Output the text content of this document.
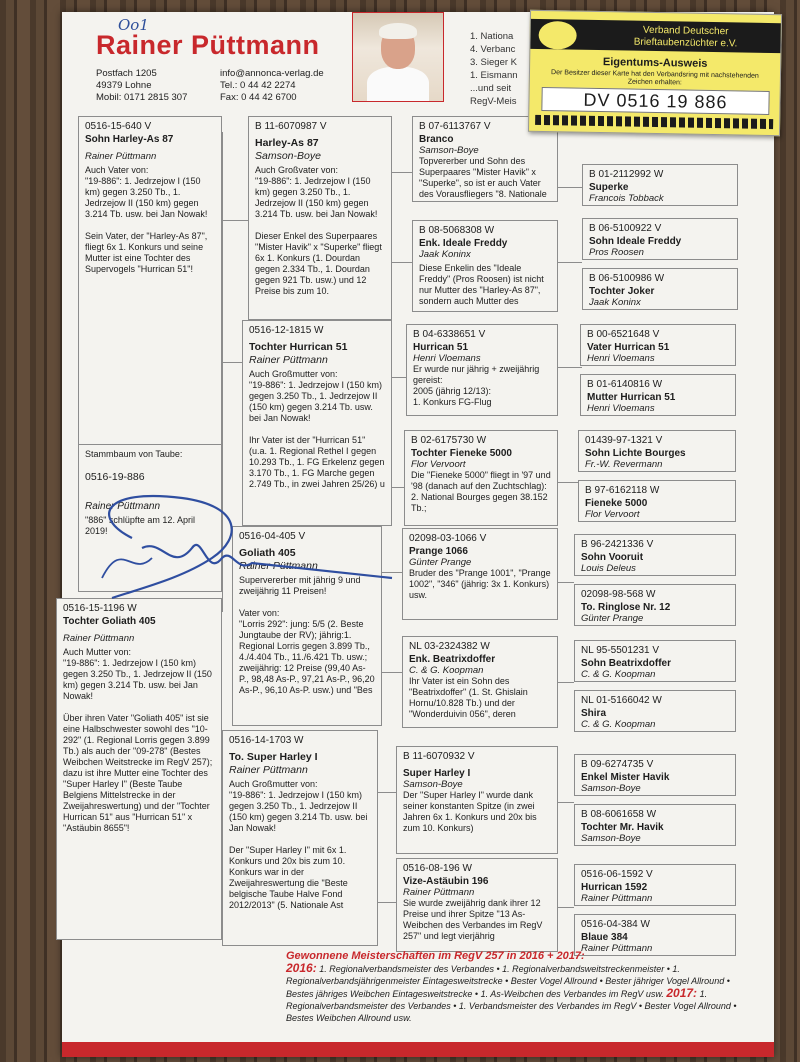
Oo1
Rainer Püttmann
Postfach 1205
49379 Lohne
Mobil: 0171 2815 307
info@annonca-verlag.de
Tel.: 0 44 42 2274
Fax: 0 44 42 6700
1. Nationa
4. Verbanc
3. Sieger K
1. Eismann
...und seit
RegV-Meis
0516-15-640 V
Sohn Harley-As 87
Rainer Püttmann
Auch Vater von:
"19-886": 1. Jedrzejow I (150 km) gegen 3.250 Tb., 1. Jedrzejow II (150 km) gegen 3.214 Tb. usw. bei Jan Nowak!

Sein Vater, der "Harley-As 87", fliegt 6x 1. Konkurs und seine Mutter ist eine Tochter des Supervogels "Hurrican 51"!
Stammbaum von Taube:
0516-19-886
Rainer Püttmann
"886" schlüpfte am 12. April 2019!
0516-15-1196 W
Tochter Goliath 405
Rainer Püttmann
Auch Mutter von:
"19-886": 1. Jedrzejow I (150 km) gegen 3.250 Tb., 1. Jedrzejow II (150 km) gegen 3.214 Tb. usw. bei Jan Nowak!

Über ihren Vater "Goliath 405" ist sie eine Halbschwester sowohl des "10-292" (1. Regional Lorris gegen 3.899 Tb.) als auch der "09-278" (Bestes Weibchen Weitstrecke im RegV 257); dazu ist ihre Mutter eine Tochter des "Super Harley I" (Beste Taube Belgiens Mittelstrecke in der Zweijahreswertung) und der "Tochter Hurrican 51" aus "Hurrican 51" x "Astäubin 8655"!
B 11-6070987 V
Harley-As 87
Samson-Boye
Auch Großvater von:
"19-886": 1. Jedrzejow I (150 km) gegen 3.250 Tb., 1. Jedrzejow II (150 km) gegen 3.214 Tb. usw. bei Jan Nowak!

Dieser Enkel des Superpaares "Mister Havik" x "Superke" fliegt 6x 1. Konkurs (1. Dourdan gegen 2.334 Tb., 1. Dourdan gegen 921 Tb. usw.) und 12 Preise bis zum 10.
0516-12-1815 W
Tochter Hurrican 51
Rainer Püttmann
Auch Großmutter von:
"19-886": 1. Jedrzejow I (150 km) gegen 3.250 Tb., 1. Jedrzejow II (150 km) gegen 3.214 Tb. usw. bei Jan Nowak!

Ihr Vater ist der "Hurrican 51" (u.a. 1. Regional Rethel I gegen 10.293 Tb., 1. FG Erkelenz gegen 3.170 Tb., 1. FG Marche gegen 2.749 Tb., in zwei Jahren 25/26) u
0516-04-405 V
Goliath 405
Rainer Püttmann
Supervererber mit jährig 9 und zweijährig 11 Preisen!

Vater von:
"Lorris 292": jung: 5/5 (2. Beste Jungtaube der RV); jährig:1. Regional Lorris gegen 3.899 Tb., 4./4.404 Tb., 11./6.421 Tb. usw.; zweijährig: 12 Preise (99,40 As-P., 98,48 As-P., 97,21 As-P., 96,20 As-P., 96,10 As-P. usw.) und "Bes
0516-14-1703 W
To. Super Harley I
Rainer Püttmann
Auch Großmutter von:
"19-886": 1. Jedrzejow I (150 km) gegen 3.250 Tb., 1. Jedrzejow II (150 km) gegen 3.214 Tb. usw. bei Jan Nowak!

Der "Super Harley I" mit 6x 1. Konkurs und 20x bis zum 10. Konkurs war in der Zweijahreswertung die "Beste belgische Taube Halve Fond 2012/2013" (5. Nationale Ast
B 07-6113767 V
Branco
Samson-Boye
Topvererber und Sohn des Superpaares "Mister Havik" x "Superke", so ist er auch Vater des Vorausfliegers "8. Nationale
B 08-5068308 W
Enk. Ideale Freddy
Jaak Koninx
Diese Enkelin des "Ideale Freddy" (Pros Roosen) ist nicht nur Mutter des "Harley-As 87", sondern auch Mutter des
B 04-6338651 V
Hurrican 51
Henri Vloemans
Er wurde nur jährig + zweijährig gereist:
2005 (jährig 12/13):
1. Konkurs FG-Flug
B 02-6175730 W
Tochter Fieneke 5000
Flor Vervoort
Die "Fieneke 5000" fliegt in '97 und '98 (danach auf den Zuchtschlag): 2. National Bourges gegen 38.152 Tb.;
02098-03-1066 V
Prange 1066
Günter Prange
Bruder des "Prange 1001", "Prange 1002", "346" (jährig: 3x 1. Konkurs) usw.
NL 03-2324382 W
Enk. Beatrixdoffer
C. & G. Koopman
Ihr Vater ist ein Sohn des "Beatrixdoffer" (1. St. Ghislain Hornu/10.828 Tb.) und der "Wonderduivin 056", deren
B 11-6070932 V
Super Harley I
Samson-Boye
Der "Super Harley I" wurde dank seiner konstanten Spitze (in zwei Jahren 6x 1. Konkurs und 20x bis zum 10. Konkurs)
0516-08-196 W
Vize-Astäubin 196
Rainer Püttmann
Sie wurde zweijährig dank ihrer 12 Preise und ihrer Spitze "13 As-Weibchen des Verbandes im RegV 257" und legt vierjährig
B 01-2112992 W
Superke
Francois Tobback
B 06-5100922 V
Sohn Ideale Freddy
Pros Roosen
B 06-5100986 W
Tochter Joker
Jaak Koninx
B 00-6521648 V
Vater Hurrican 51
Henri Vloemans
B 01-6140816 W
Mutter Hurrican 51
Henri Vloemans
01439-97-1321 V
Sohn Lichte Bourges
Fr.-W. Revermann
B 97-6162118 W
Fieneke 5000
Flor Vervoort
B 96-2421336 V
Sohn Vooruit
Louis Deleus
02098-98-568 W
To. Ringlose Nr. 12
Günter Prange
NL 95-5501231 V
Sohn Beatrixdoffer
C. & G. Koopman
NL 01-5166042 W
Shira
C. & G. Koopman
B 09-6274735 V
Enkel Mister Havik
Samson-Boye
B 08-6061658 W
Tochter Mr. Havik
Samson-Boye
0516-06-1592 V
Hurrican 1592
Rainer Püttmann
0516-04-384 W
Blaue 384
Rainer Püttmann
Gewonnene Meisterschaften im RegV 257 in 2016 + 2017:
2016: 1. Regionalverbandsmeister des Verbandes • 1. Regionalverbandsweitstreckenmeister • 1. Regionalverbandsjährigenmeister Eintagesweitstrecke • Bester Vogel Allround • Bester jähriger Vogel Allround • Bestes jähriges Weibchen Eintagesweitstrecke • 1. As-Weibchen des Verbandes im RegV usw. 2017: 1. Regionalverbandsmeister des Verbandes • 1. Verbandsmeister des Verbandes im RegV • Bester Vogel Allround • Bestes Weibchen Allround usw.
Verband Deutscher Brieftaubenzüchter e.V.
Eigentums-Ausweis
Der Besitzer dieser Karte hat den Verbandsring mit nachstehenden Zeichen erhalten:
DV 0516 19 886
